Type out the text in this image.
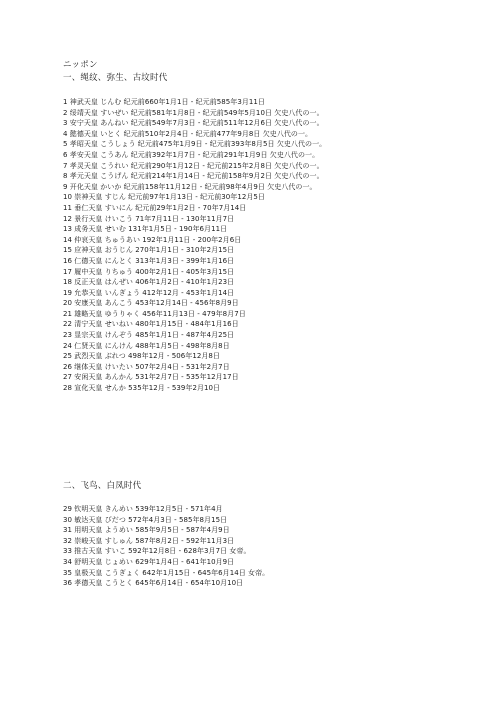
ニッポン
一、绳纹、弥生、古坟时代
1 神武天皇 じんむ 纪元前660年1月1日 - 纪元前585年3月11日
2 绥靖天皇 すいぜい 纪元前581年1月8日 - 纪元前549年5月10日 欠史八代の一。
3 安宁天皇 あんねい 纪元前549年7月3日 - 纪元前511年12月6日 欠史八代の一。
4 懿德天皇 いとく 纪元前510年2月4日 - 纪元前477年9月8日 欠史八代の一。
5 孝昭天皇 こうしょう 纪元前475年1月9日 - 纪元前393年8月5日 欠史八代の一。
6 孝安天皇 こうあん 纪元前392年1月7日 - 纪元前291年1月9日 欠史八代の一。
7 孝灵天皇 こうれい 纪元前290年1月12日 - 纪元前215年2月8日 欠史八代の一。
8 孝元天皇 こうげん 纪元前214年1月14日 - 纪元前158年9月2日 欠史八代の一。
9 开化天皇 かいか 纪元前158年11月12日 - 纪元前98年4月9日 欠史八代の一。
10 崇神天皇 すじん 纪元前97年1月13日 - 纪元前30年12月5日
11 垂仁天皇 すいにん 纪元前29年1月2日 - 70年7月14日
12 景行天皇 けいこう 71年7月11日 - 130年11月7日
13 成务天皇 せいむ 131年1月5日 - 190年6月11日
14 仲哀天皇 ちゅうあい 192年1月11日 - 200年2月6日
15 应神天皇 おうじん 270年1月1日 - 310年2月15日
16 仁德天皇 にんとく 313年1月3日 - 399年1月16日
17 履中天皇 りちゅう 400年2月1日 - 405年3月15日
18 反正天皇 はんぜい 406年1月2日 - 410年1月23日
19 允恭天皇 いんぎょう 412年12月 - 453年1月14日
20 安康天皇 あんこう 453年12月14日 - 456年8月9日
21 雄略天皇 ゆうりゃく 456年11月13日 - 479年8月7日
22 清宁天皇 せいねい 480年1月15日 - 484年1月16日
23 显宗天皇 けんぞう 485年1月1日 - 487年4月25日
24 仁贤天皇 にんけん 488年1月5日 - 498年8月8日
25 武烈天皇 ぶれつ 498年12月 - 506年12月8日
26 继体天皇 けいたい 507年2月4日 - 531年2月7日
27 安闲天皇 あんかん 531年2月7日 - 535年12月17日
28 宣化天皇 せんか 535年12月 - 539年2月10日
二、飞鸟、白凤时代
29 钦明天皇 きんめい 539年12月5日 - 571年4月
30 敏达天皇 びだつ 572年4月3日 - 585年8月15日
31 用明天皇 ようめい 585年9月5日 - 587年4月9日
32 崇峻天皇 すしゅん 587年8月2日 - 592年11月3日
33 推古天皇 すいこ 592年12月8日 - 628年3月7日 女帝。
34 舒明天皇 じょめい 629年1月4日 - 641年10月9日
35 皇极天皇 こうぎょく 642年1月15日 - 645年6月14日 女帝。
36 孝德天皇 こうとく 645年6月14日 - 654年10月10日
